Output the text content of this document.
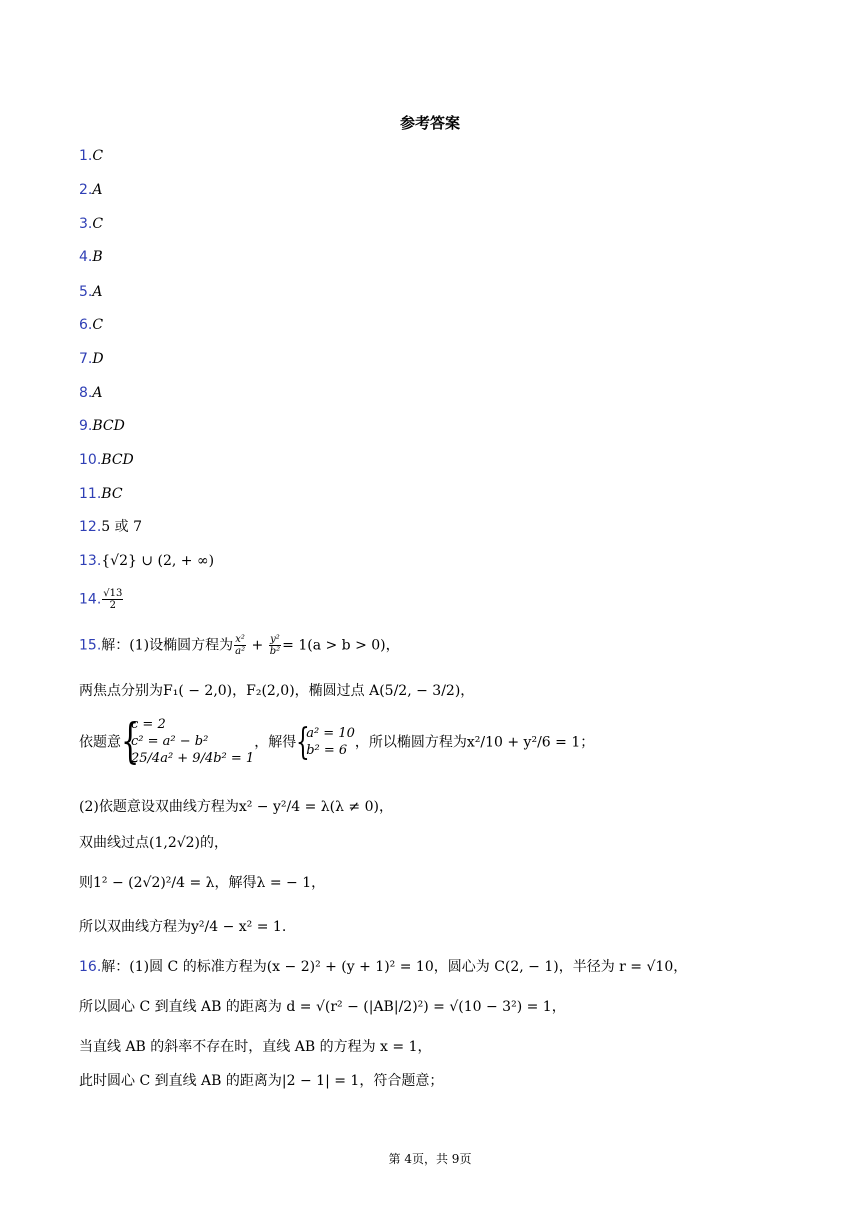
参考答案
1.C
2.A
3.C
4.B
5.A
6.C
7.D
8.A
9.BCD
10.BCD
11.BC
12.5 或 7
13.{√2} ∪ (2, + ∞)
14. $\frac{√13}{2}$
15.解：(1)设椭圆方程为 $\frac{\text{x²}}{\text{a²}} + \frac{\text{y²}}{\text{b²}} = 1(a > b > 0)$，
两焦点分别为F₁( − 2,0)，F₂(2,0)，椭圆过点 A(5/2, − 3/2)，
依题意 {
c = 2
c² = a² − b²
25/4a² + 9/4b² = 1
，解得 {
a² = 10
b² = 6 ，所以椭圆方程为x²/10 + y²/6 = 1；
(2)依题意设双曲线方程为x² − y²/4 = λ(λ ≠ 0)，
双曲线过点(1,2√2)的，
则1² − (2√2)²/4 = λ，解得λ = − 1，
所以双曲线方程为y²/4 − x² = 1.
16.解：(1)圆 C 的标准方程为(x − 2)² + (y + 1)² = 10，圆心为 C(2, − 1)，半径为 r = √10，
所以圆心 C 到直线 AB 的距离为 d = √(r² − (|AB|/2)²) = √(10 − 3²) = 1，
当直线 AB 的斜率不存在时，直线 AB 的方程为 x = 1，
此时圆心 C 到直线 AB 的距离为|2 − 1| = 1，符合题意；
第 4页，共 9页
